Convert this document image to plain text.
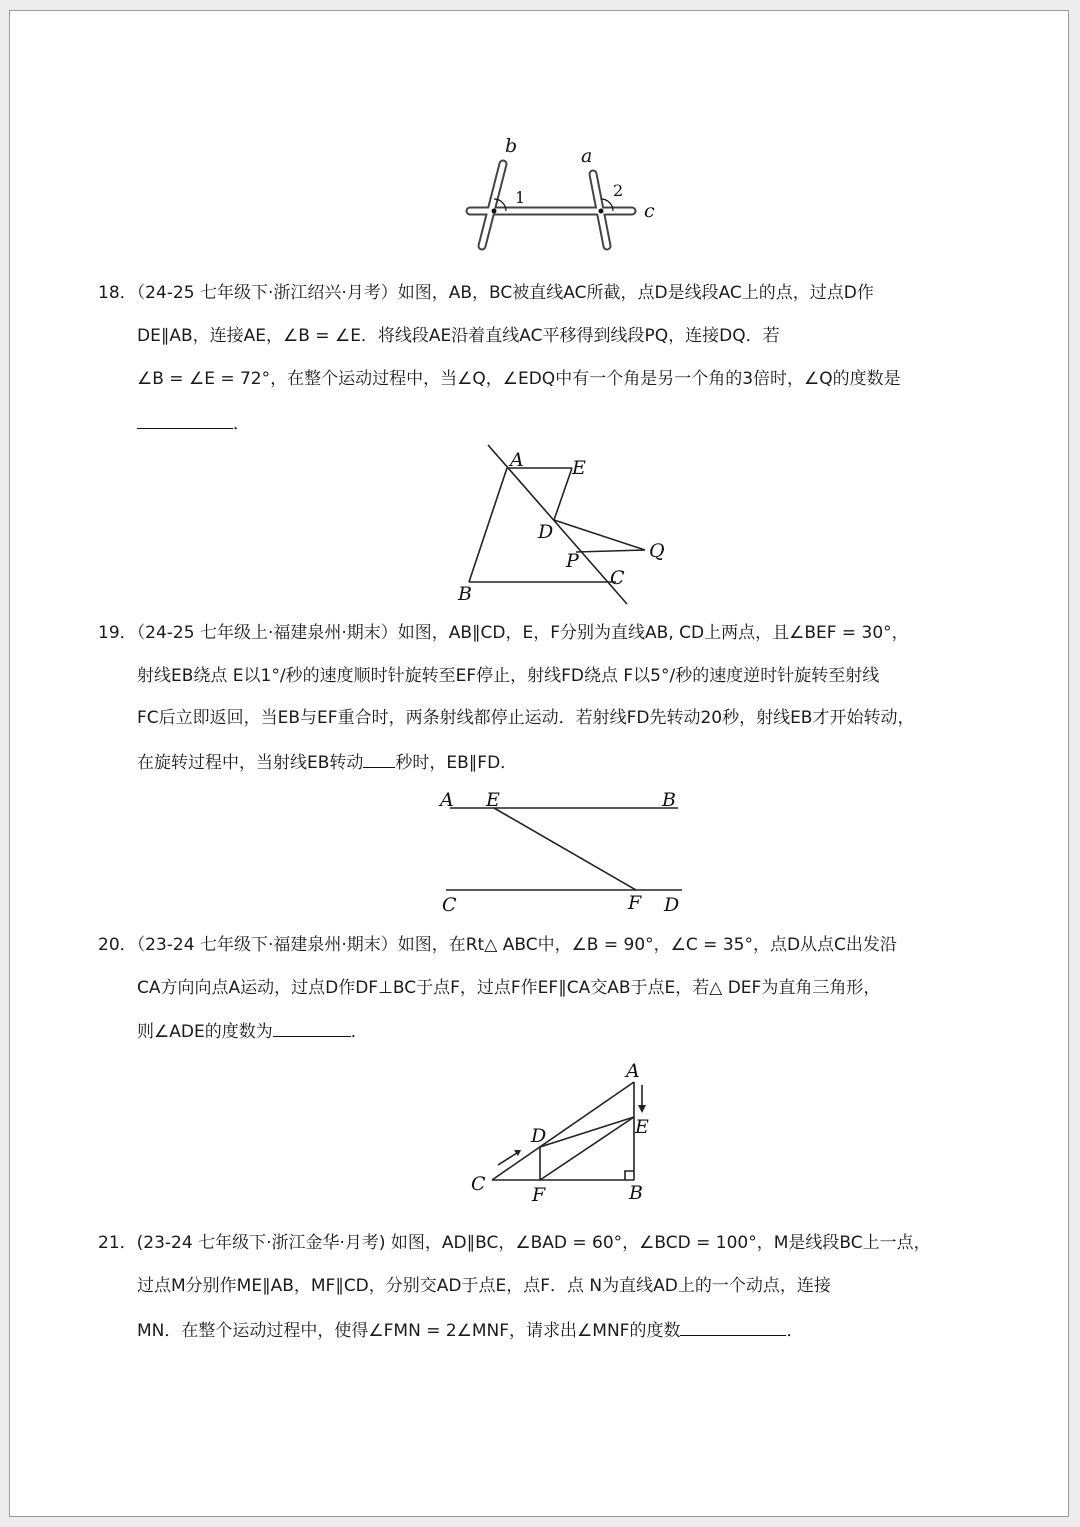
b	a
1	2
c
18．（24-25 七年级下·浙江绍兴·月考）如图，AB，BC被直线AC所截，点D是线段AC上的点，过点D作
DE∥AB，连接AE，∠B = ∠E．将线段AE沿着直线AC平移得到线段PQ，连接DQ．若
∠B = ∠E = 72°，在整个运动过程中，当∠Q，∠EDQ中有一个角是另一个角的3倍时，∠Q的度数是
．
A	E
D
Q
P
C
B
19．（24-25 七年级上·福建泉州·期末）如图，AB∥CD，E，F分别为直线AB, CD上两点，且∠BEF = 30°，
射线EB绕点 E以1°/秒的速度顺时针旋转至EF停止，射线FD绕点 F以5°/秒的速度逆时针旋转至射线
FC后立即返回，当EB与EF重合时，两条射线都停止运动．若射线FD先转动20秒，射线EB才开始转动，
在旋转过程中，当射线EB转动 秒时，EB∥FD．
A E	B
C	F D
20．（23-24 七年级下·福建泉州·期末）如图，在Rt△ ABC中，∠B = 90°，∠C = 35°，点D从点C出发沿
CA方向向点A运动，过点D作DF⊥BC于点F，过点F作EF∥CA交AB于点E，若△ DEF为直角三角形，
则∠ADE的度数为	．
A
E
D
C F	B
21．(23-24 七年级下·浙江金华·月考) 如图，AD∥BC，∠BAD = 60°，∠BCD = 100°，M是线段BC上一点，
过点M分别作ME∥AB，MF∥CD，分别交AD于点E，点F．点 N为直线AD上的一个动点，连接
MN．在整个运动过程中，使得∠FMN = 2∠MNF，请求出∠MNF的度数	．
